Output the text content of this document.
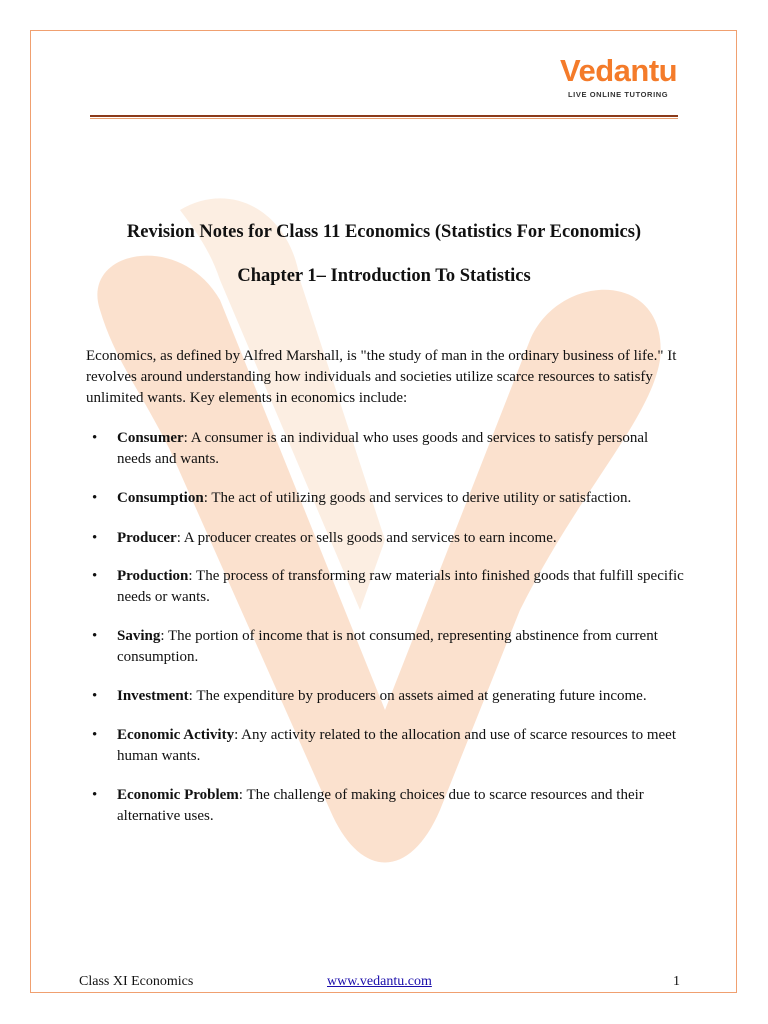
Vedantu
LIVE ONLINE TUTORING
Revision Notes for Class 11 Economics (Statistics For Economics)
Chapter 1– Introduction To Statistics

Economics, as defined by Alfred Marshall, is "the study of man in the ordinary business of life." It revolves around understanding how individuals and societies utilize scarce resources to satisfy unlimited wants. Key elements in economics include:

• Consumer: A consumer is an individual who uses goods and services to satisfy personal needs and wants.
• Consumption: The act of utilizing goods and services to derive utility or satisfaction.
• Producer: A producer creates or sells goods and services to earn income.
• Production: The process of transforming raw materials into finished goods that fulfill specific needs or wants.
• Saving: The portion of income that is not consumed, representing abstinence from current consumption.
• Investment: The expenditure by producers on assets aimed at generating future income.
• Economic Activity: Any activity related to the allocation and use of scarce resources to meet human wants.
• Economic Problem: The challenge of making choices due to scarce resources and their alternative uses.
Class XI Economics	www.vedantu.com	1
